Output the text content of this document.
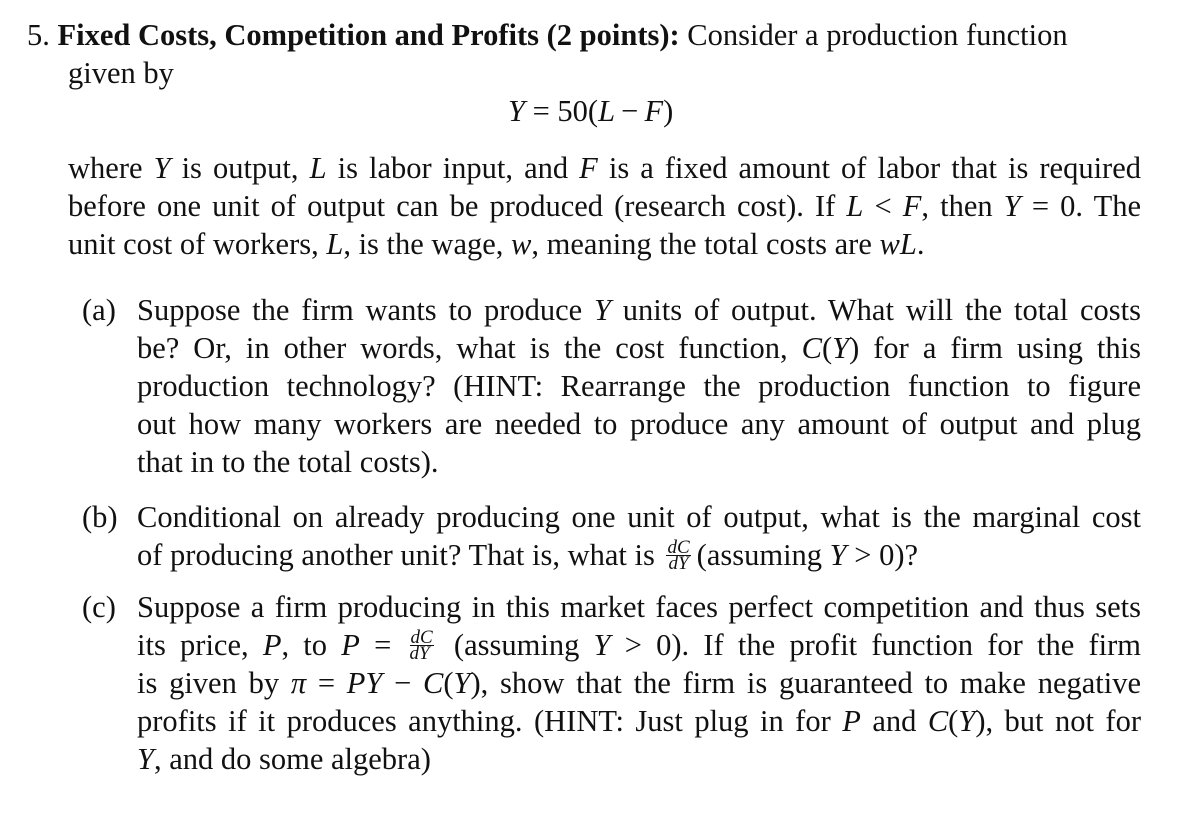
5. Fixed Costs, Competition and Profits (2 points): Consider a production function
given by
Y = 50(L − F)
where Y is output, L is labor input, and F is a fixed amount of labor that is required
before one unit of output can be produced (research cost). If L < F, then Y = 0. The
unit cost of workers, L, is the wage, w, meaning the total costs are wL.
(a) Suppose the firm wants to produce Y units of output. What will the total costs
be? Or, in other words, what is the cost function, C(Y) for a firm using this
production technology? (HINT: Rearrange the production function to figure
out how many workers are needed to produce any amount of output and plug
that in to the total costs).
(b) Conditional on already producing one unit of output, what is the marginal cost
of producing another unit? That is, what is $\frac{dC}{dY}$ (assuming Y > 0)?
(c) Suppose a firm producing in this market faces perfect competition and thus sets
its price, P, to $P = \frac{dC}{dY}$ (assuming Y > 0). If the profit function for the firm
is given by π = PY − C(Y), show that the firm is guaranteed to make negative
profits if it produces anything. (HINT: Just plug in for P and C(Y), but not for
Y, and do some algebra)
